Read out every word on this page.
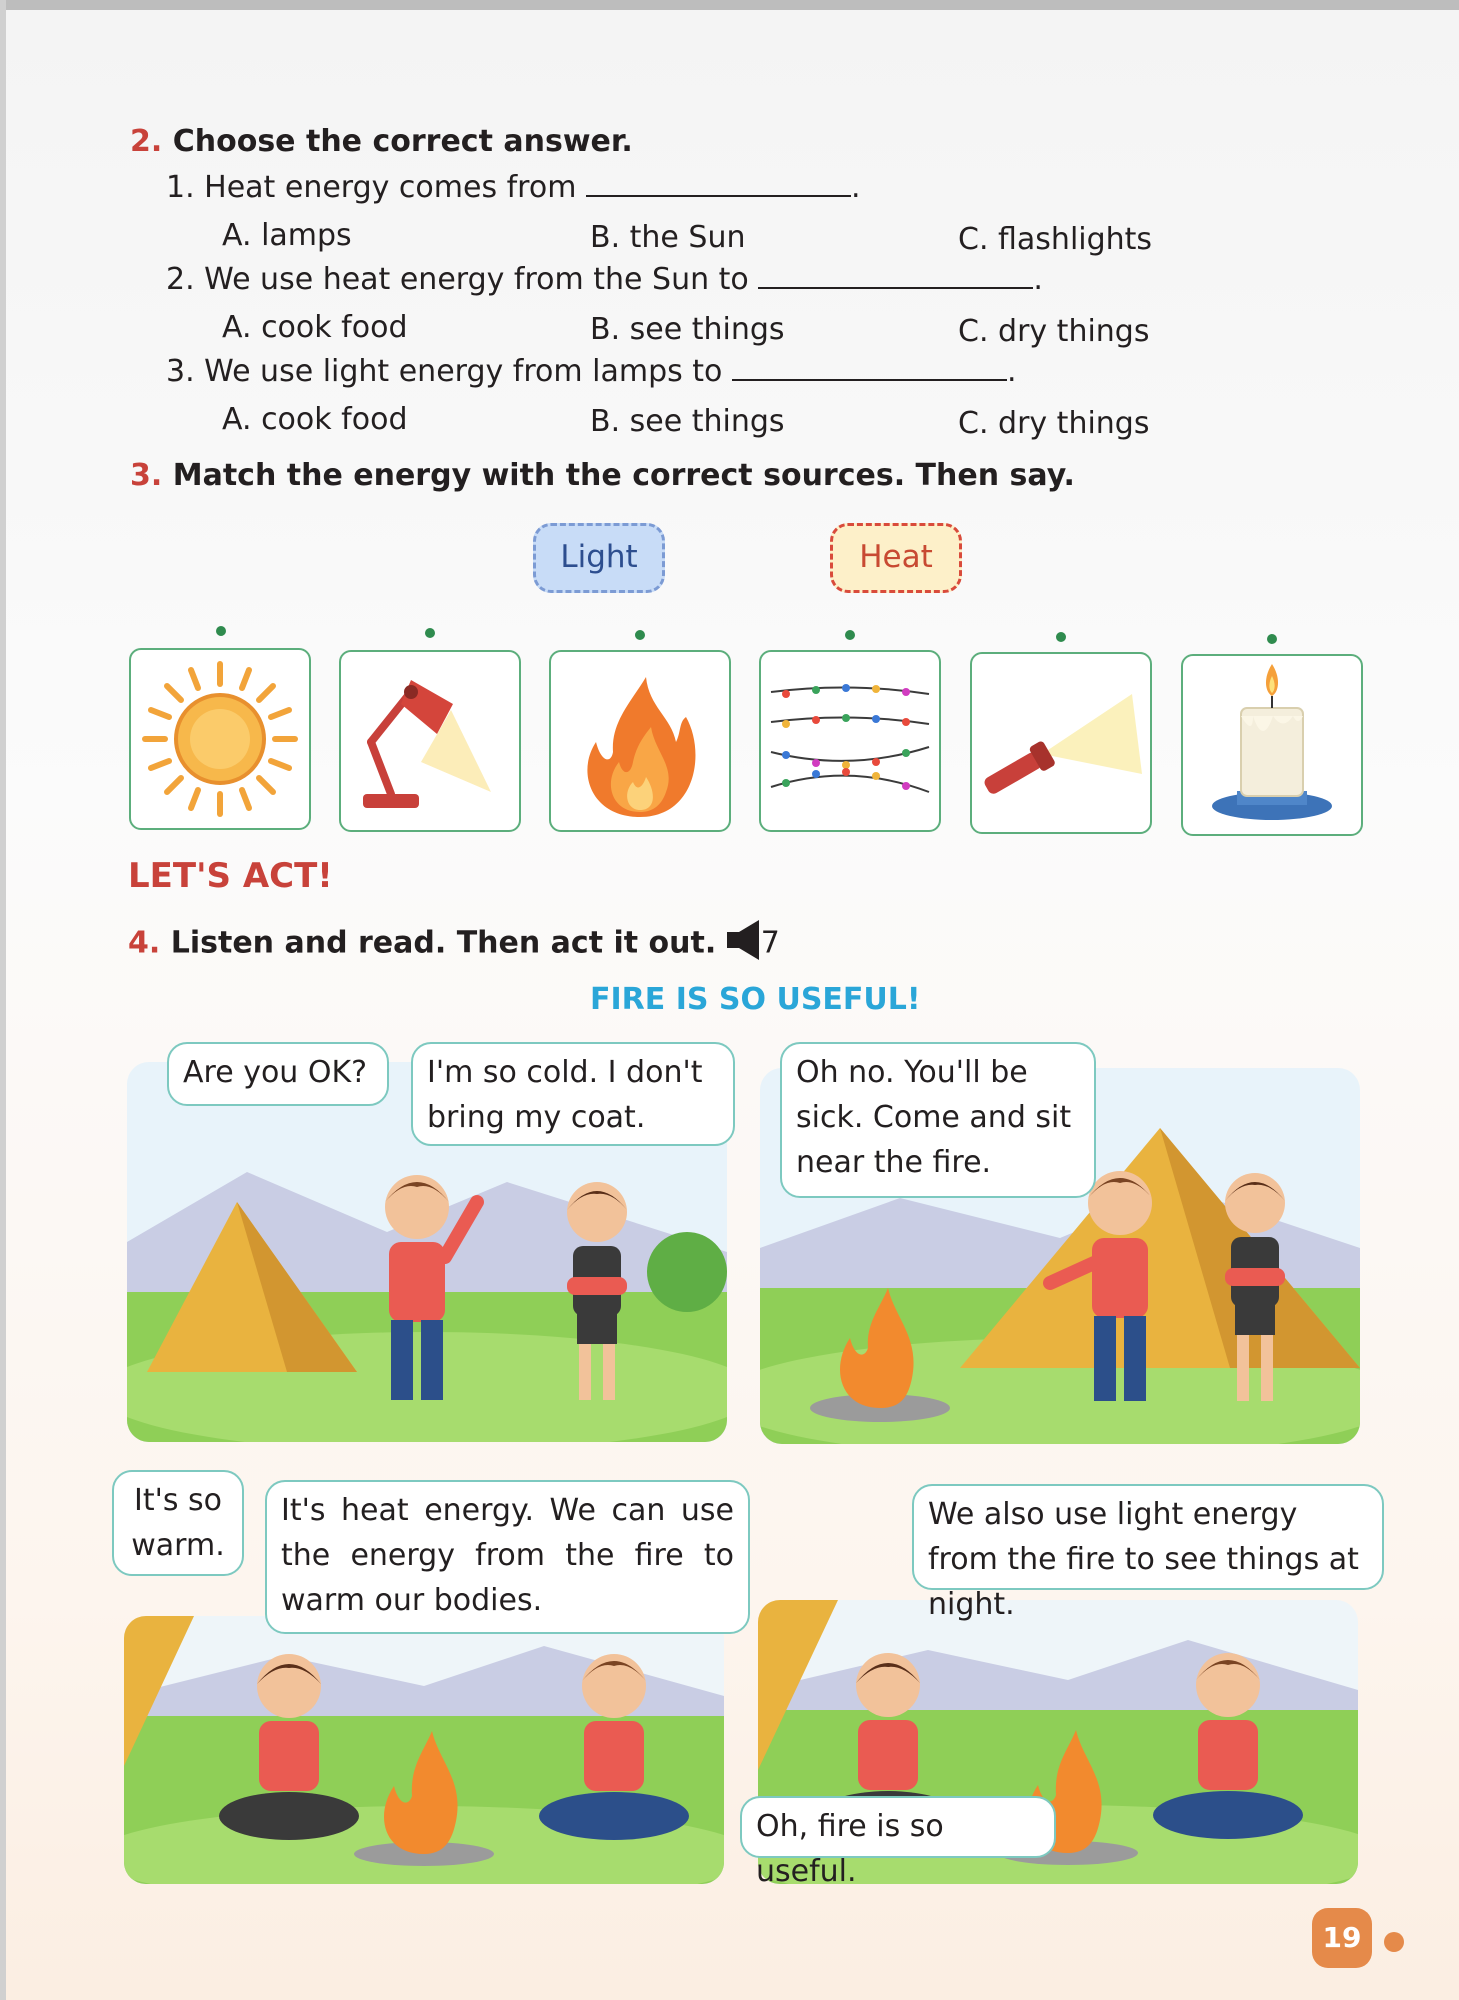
2. Choose the correct answer.
1. Heat energy comes from	.
A. lamps	B. the Sun	C. flashlights
2. We use heat energy from the Sun to	.
A. cook food	B. see things	C. dry things
3. We use light energy from lamps to	.
A. cook food	B. see things	C. dry things
3. Match the energy with the correct sources. Then say.
Light	Heat
LET'S ACT!
4. Listen and read. Then act it out. 7
FIRE IS SO USEFUL!
Are you OK?	I'm so cold. I don't bring my coat.
Oh no. You'll be sick. Come and sit near the fire.
It's so warm.
It's heat energy. We can use the energy from the fire to warm our bodies.
We also use light energy from the fire to see things at night.
Oh, fire is so useful.
19
